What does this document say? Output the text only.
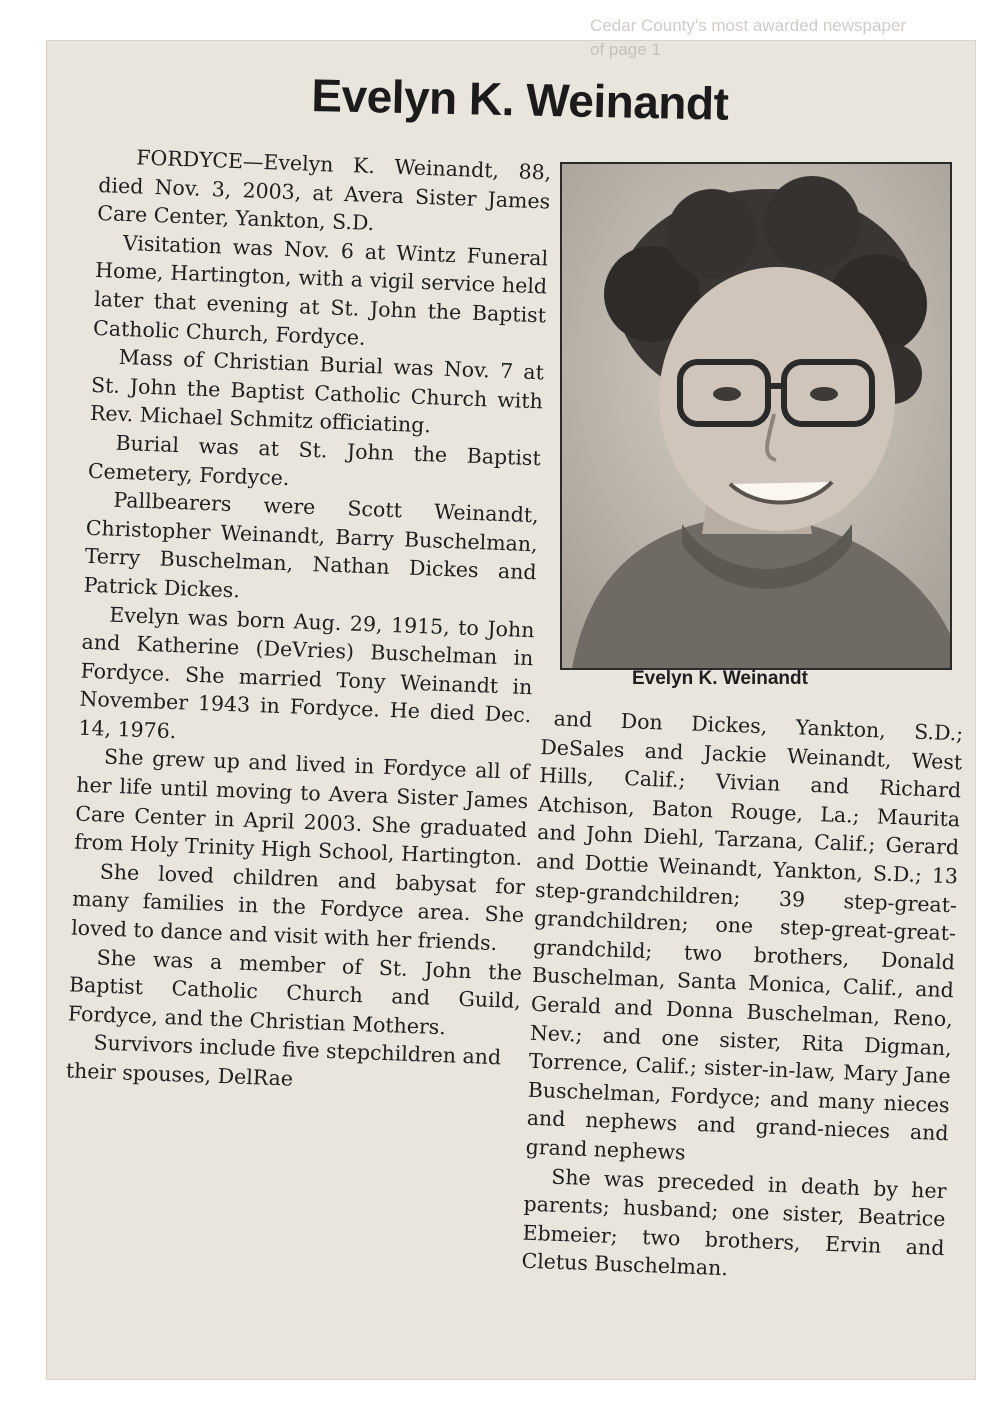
Cedar County's most awarded newspaper
of page 1
Evelyn K. Weinandt

FORDYCE—Evelyn K. Weinandt, 88, died Nov. 3, 2003, at Avera Sister James Care Center, Yankton, S.D.

Visitation was Nov. 6 at Wintz Funeral Home, Hartington, with a vigil service held later that evening at St. John the Baptist Catholic Church, Fordyce.

Mass of Christian Burial was Nov. 7 at St. John the Baptist Catholic Church with Rev. Michael Schmitz officiating.

Burial was at St. John the Baptist Cemetery, Fordyce.

Pallbearers were Scott Weinandt, Christopher Weinandt, Barry Buschelman, Terry Buschelman, Nathan Dickes and Patrick Dickes.

Evelyn was born Aug. 29, 1915, to John and Katherine (DeVries) Buschelman in Fordyce. She married Tony Weinandt in November 1943 in Fordyce. He died Dec. 14, 1976.

She grew up and lived in Fordyce all of her life until moving to Avera Sister James Care Center in April 2003. She graduated from Holy Trinity High School, Hartington.

She loved children and babysat for many families in the Fordyce area. She loved to dance and visit with her friends.

She was a member of St. John the Baptist Catholic Church and Guild, Fordyce, and the Christian Mothers.

Survivors include five stepchildren and their spouses, DelRae

Evelyn K. Weinandt

and Don Dickes, Yankton, S.D.; DeSales and Jackie Weinandt, West Hills, Calif.; Vivian and Richard Atchison, Baton Rouge, La.; Maurita and John Diehl, Tarzana, Calif.; Gerard and Dottie Weinandt, Yankton, S.D.; 13 step-grandchildren; 39 step-great-grandchildren; one step-great-great-grandchild; two brothers, Donald Buschelman, Santa Monica, Calif., and Gerald and Donna Buschelman, Reno, Nev.; and one sister, Rita Digman, Torrence, Calif.; sister-in-law, Mary Jane Buschelman, Fordyce; and many nieces and nephews and grand-nieces and grand nephews

She was preceded in death by her parents; husband; one sister, Beatrice Ebmeier; two brothers, Ervin and Cletus Buschelman.
